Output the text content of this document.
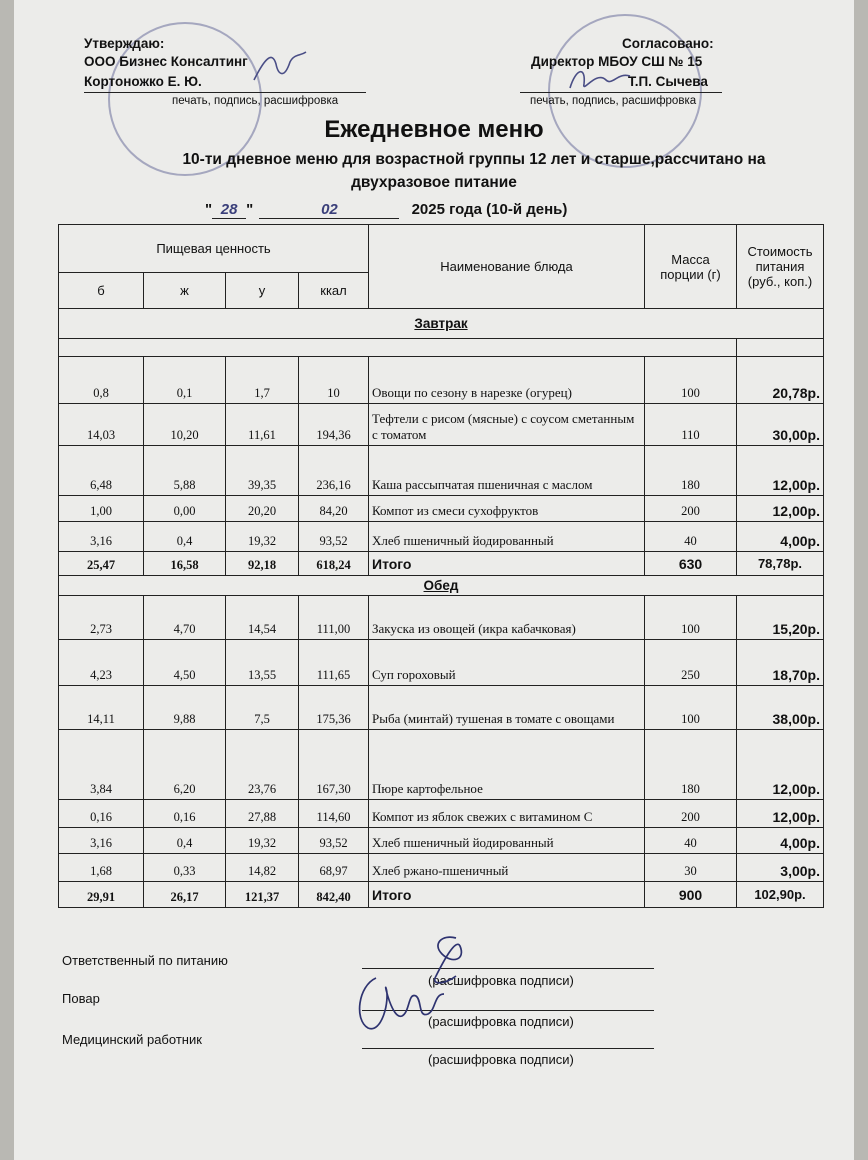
Утверждаю:
ООО Бизнес Консалтинг
Кортоножко Е. Ю.
печать, подпись, расшифровка
Согласовано:
Директор МБОУ СШ № 15
Т.П. Сычева
печать, подпись, расшифровка
Ежедневное меню
10-ти дневное меню для возрастной группы 12 лет и старше,рассчитано на
двухразовое питание
" 28 "	02	2025 года (10-й день)
Пищевая ценность				Наименование блюда	Масса порции (г)	Стоимость питания (руб., коп.)
б	ж	у	ккал			
Завтрак						

0,8	0,1	1,7	10	Овощи по сезону в нарезке (огурец)	100	20,78р.
14,03	10,20	11,61	194,36	Тефтели с рисом (мясные) с соусом сметанным с томатом	110	30,00р.
6,48	5,88	39,35	236,16	Каша рассыпчатая пшеничная с маслом	180	12,00р.
1,00	0,00	20,20	84,20	Компот из смеси сухофруктов	200	12,00р.
3,16	0,4	19,32	93,52	Хлеб пшеничный йодированный	40	4,00р.
25,47	16,58	92,18	618,24	Итого	630	78,78р.
Обед						
2,73	4,70	14,54	111,00	Закуска из овощей (икра кабачковая)	100	15,20р.
4,23	4,50	13,55	111,65	Суп гороховый	250	18,70р.
14,11	9,88	7,5	175,36	Рыба (минтай) тушеная в томате с овощами	100	38,00р.
3,84	6,20	23,76	167,30	Пюре картофельное	180	12,00р.
0,16	0,16	27,88	114,60	Компот из яблок свежих с витамином С	200	12,00р.
3,16	0,4	19,32	93,52	Хлеб пшеничный йодированный	40	4,00р.
1,68	0,33	14,82	68,97	Хлеб ржано-пшеничный	30	3,00р.
29,91	26,17	121,37	842,40	Итого	900	102,90р.
Ответственный по питанию
(расшифровка подписи)
Повар
(расшифровка подписи)
Медицинский работник
(расшифровка подписи)
